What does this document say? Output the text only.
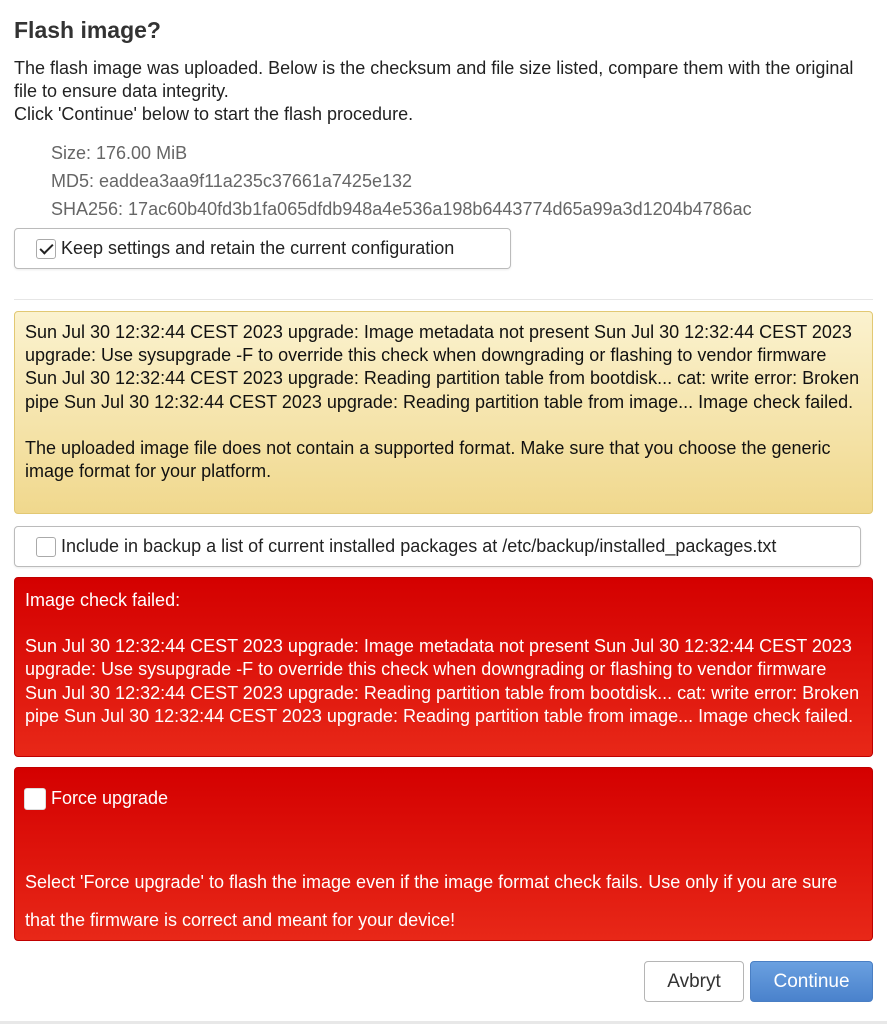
Flash image?

The flash image was uploaded. Below is the checksum and file size listed, compare them with the original file to ensure data integrity.

Click 'Continue' below to start the flash procedure.

Size: 176.00 MiB
MD5: eaddea3aa9f11a235c37661a7425e132
SHA256: 17ac60b40fd3b1fa065dfdb948a4e536a198b6443774d65a99a3d1204b4786ac
Keep settings and retain the current configuration

Sun Jul 30 12:32:44 CEST 2023 upgrade: Image metadata not present Sun Jul 30 12:32:44 CEST 2023 upgrade: Use sysupgrade -F to override this check when downgrading or flashing to vendor firmware Sun Jul 30 12:32:44 CEST 2023 upgrade: Reading partition table from bootdisk... cat: write error: Broken pipe Sun Jul 30 12:32:44 CEST 2023 upgrade: Reading partition table from image... Image check failed.

The uploaded image file does not contain a supported format. Make sure that you choose the generic image format for your platform.

Include in backup a list of current installed packages at /etc/backup/installed_packages.txt

Image check failed:

Sun Jul 30 12:32:44 CEST 2023 upgrade: Image metadata not present Sun Jul 30 12:32:44 CEST 2023 upgrade: Use sysupgrade -F to override this check when downgrading or flashing to vendor firmware Sun Jul 30 12:32:44 CEST 2023 upgrade: Reading partition table from bootdisk... cat: write error: Broken pipe Sun Jul 30 12:32:44 CEST 2023 upgrade: Reading partition table from image... Image check failed.

Force upgrade
Select 'Force upgrade' to flash the image even if the image format check fails. Use only if you are sure that the firmware is correct and meant for your device!
Avbryt	Continue
